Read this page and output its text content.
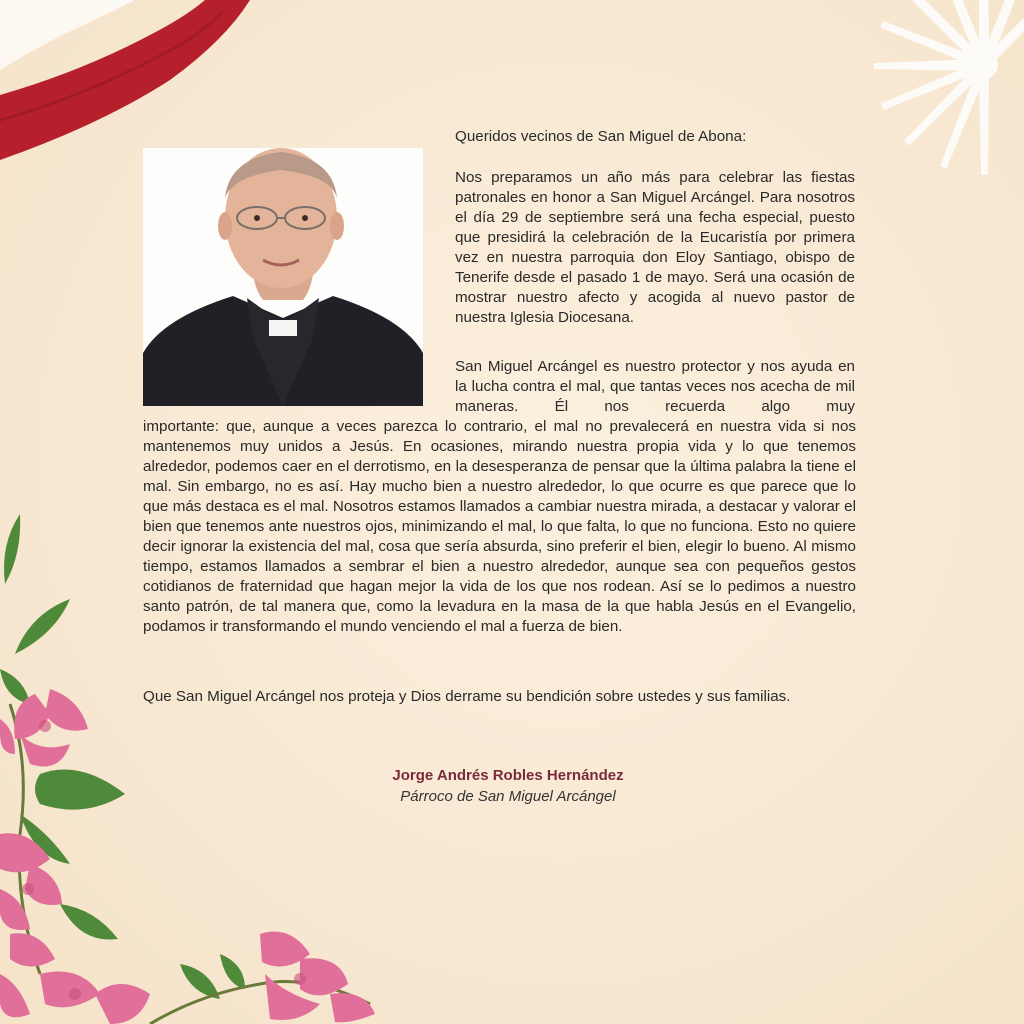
Queridos vecinos de San Miguel de Abona:

Nos preparamos un año más para celebrar las fiestas patronales en honor a San Miguel Arcángel. Para nosotros el día 29 de septiembre será una fecha especial, puesto que presidirá la celebración de la Eucaristía por primera vez en nuestra parroquia don Eloy Santiago, obispo de Tenerife desde el pasado 1 de mayo. Será una ocasión de mostrar nuestro afecto y acogida al nuevo pastor de nuestra Iglesia Diocesana.

San Miguel Arcángel es nuestro protector y nos ayuda en la lucha contra el mal, que tantas veces nos acecha de mil maneras. Él nos recuerda algo muy

importante: que, aunque a veces parezca lo contrario, el mal no prevalecerá en nuestra vida si nos mantenemos muy unidos a Jesús. En ocasiones, mirando nuestra propia vida y lo que tenemos alrededor, podemos caer en el derrotismo, en la desesperanza de pensar que la última palabra la tiene el mal. Sin embargo, no es así. Hay mucho bien a nuestro alrededor, lo que ocurre es que parece que lo que más destaca es el mal. Nosotros estamos llamados a cambiar nuestra mirada, a destacar y valorar el bien que tenemos ante nuestros ojos, minimizando el mal, lo que falta, lo que no funciona. Esto no quiere decir ignorar la existencia del mal, cosa que sería absurda, sino preferir el bien, elegir lo bueno. Al mismo tiempo, estamos llamados a sembrar el bien a nuestro alrededor, aunque sea con pequeños gestos cotidianos de fraternidad que hagan mejor la vida de los que nos rodean. Así se lo pedimos a nuestro santo patrón, de tal manera que, como la levadura en la masa de la que habla Jesús en el Evangelio, podamos ir transformando el mundo venciendo el mal a fuerza de bien.

Que San Miguel Arcángel nos proteja y Dios derrame su bendición sobre ustedes y sus familias.

Jorge Andrés Robles Hernández
Párroco de San Miguel Arcángel
